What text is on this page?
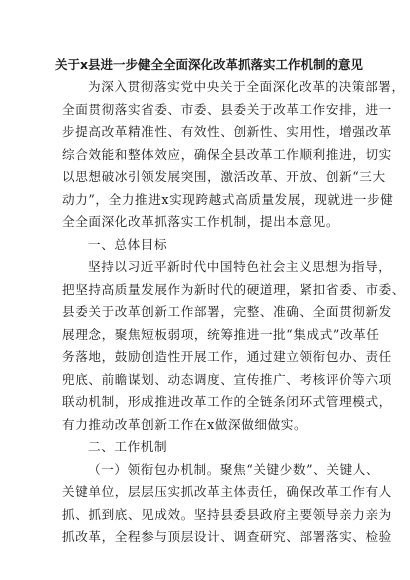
关于x县进一步健全全面深化改革抓落实工作机制的意见
为深入贯彻落实党中央关于全面深化改革的决策部署，
全面贯彻落实省委、市委、县委关于改革工作安排，进一
步提高改革精准性、有效性、创新性、实用性，增强改革
综合效能和整体效应，确保全县改革工作顺利推进，切实
以思想破冰引领发展突围，激活改革、开放、创新“三大
动力”，全力推进x实现跨越式高质量发展，现就进一步健
全全面深化改革抓落实工作机制，提出本意见。
一、总体目标
坚持以习近平新时代中国特色社会主义思想为指导，
把坚持高质量发展作为新时代的硬道理，紧扣省委、市委、
县委关于改革创新工作部署，完整、准确、全面贯彻新发
展理念，聚焦短板弱项，统筹推进一批“集成式”改革任
务落地，鼓励创造性开展工作，通过建立领衔包办、责任
兜底、前瞻谋划、动态调度、宣传推广、考核评价等六项
联动机制，形成推进改革工作的全链条闭环式管理模式，
有力推动改革创新工作在x做深做细做实。
二、工作机制
（一）领衔包办机制。聚焦“关键少数”、关键人、
关键单位，层层压实抓改革主体责任，确保改革工作有人
抓、抓到底、见成效。坚持县委县政府主要领导亲力亲为
抓改革，全程参与顶层设计、调查研究、部署落实、检验
